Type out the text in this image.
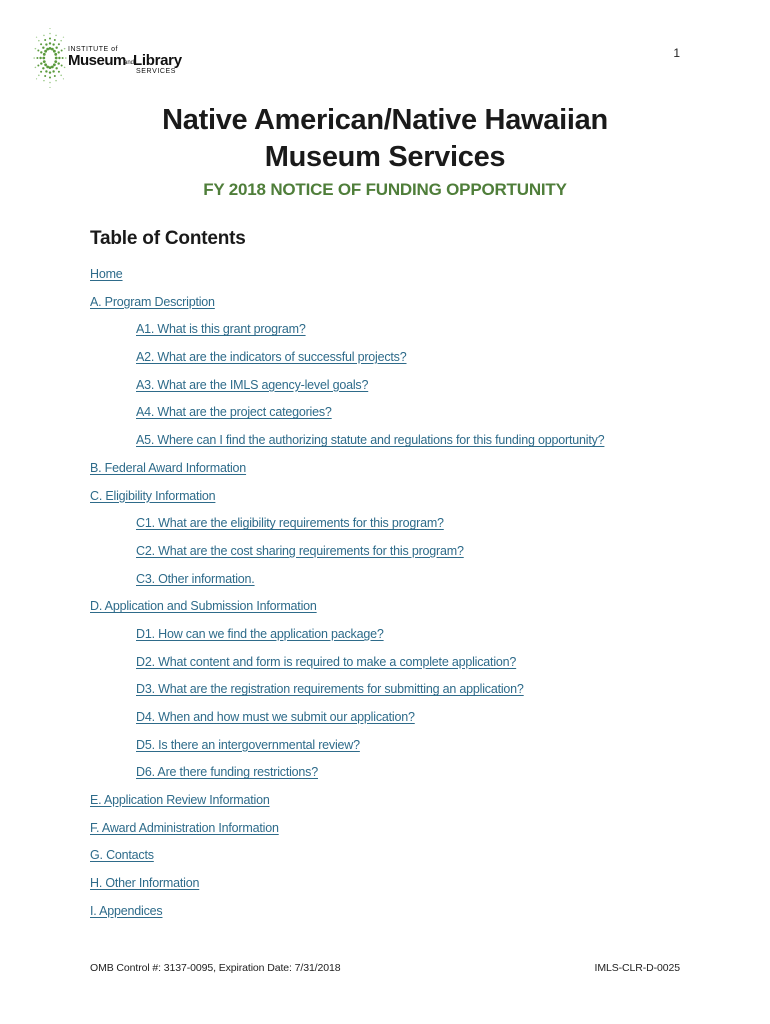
INSTITUTE of
Museum
and
Library
SERVICES
1
Native American/Native Hawaiian
Museum Services
FY 2018 NOTICE OF FUNDING OPPORTUNITY
Table of Contents
Home
A. Program Description
A1. What is this grant program?
A2. What are the indicators of successful projects?
A3. What are the IMLS agency-level goals?
A4. What are the project categories?
A5. Where can I find the authorizing statute and regulations for this funding opportunity?
B. Federal Award Information
C. Eligibility Information
C1. What are the eligibility requirements for this program?
C2. What are the cost sharing requirements for this program?
C3. Other information.
D. Application and Submission Information
D1. How can we find the application package?
D2. What content and form is required to make a complete application?
D3. What are the registration requirements for submitting an application?
D4. When and how must we submit our application?
D5. Is there an intergovernmental review?
D6. Are there funding restrictions?
E. Application Review Information
F. Award Administration Information
G. Contacts
H. Other Information
I. Appendices
OMB Control #: 3137-0095, Expiration Date: 7/31/2018	IMLS-CLR-D-0025
